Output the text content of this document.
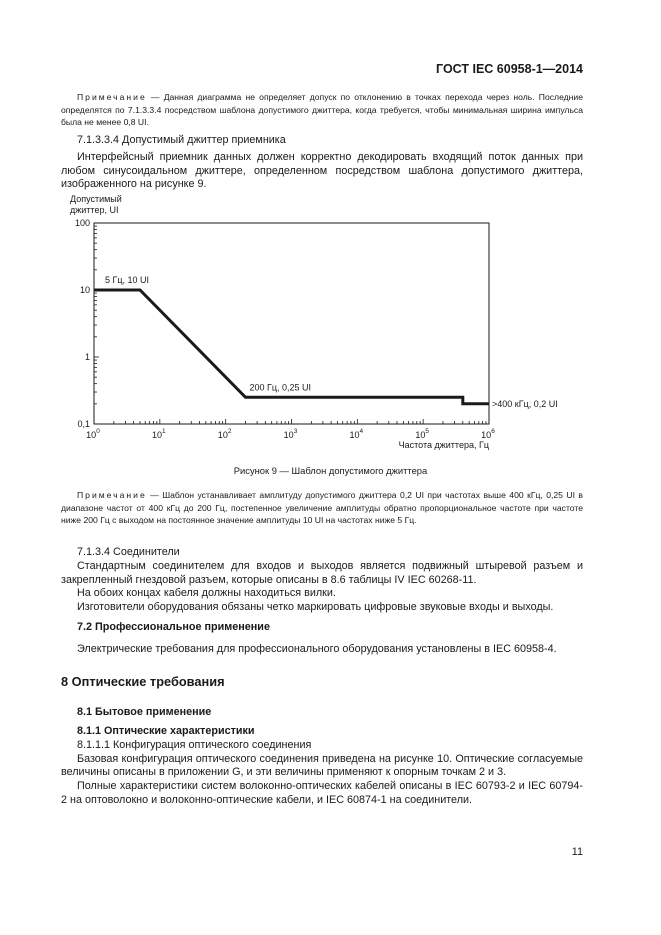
ГОСТ IEC 60958-1—2014
Примечание — Данная диаграмма не определяет допуск по отклонению в точках перехода через ноль. Последние определятся по 7.1.3.3.4 посредством шаблона допустимого джиттера, когда требуется, чтобы минимальная ширина импульса была не менее 0,8 UI.

7.1.3.3.4 Допустимый джиттер приемника

Интерфейсный приемник данных должен корректно декодировать входящий поток данных при любом синусоидальном джиттере, определенном посредством шаблона допустимого джиттера, изображенного на рисунке 9.

Допустимый
джиттер, UI
100
10
1
0,1
$10^0$	$10^1$	$10^2$	$10^3$	$10^4$	$10^5$	$10^6$
5 Гц, 10 UI
200 Гц, 0,25 UI
>400 кГц, 0,2 UI
Частота джиттера, Гц
Рисунок 9 — Шаблон допустимого джиттера
Примечание — Шаблон устанавливает амплитуду допустимого джиттера 0,2 UI при частотах выше 400 кГц, 0,25 UI в диапазоне частот от 400 кГц до 200 Гц, постепенное увеличение амплитуды обратно пропорциональное частоте при частоте ниже 200 Гц с выходом на постоянное значение амплитуды 10 UI на частотах ниже 5 Гц.

7.1.3.4 Соединители

Стандартным соединителем для входов и выходов является подвижный штыревой разъем и закрепленный гнездовой разъем, которые описаны в 8.6 таблицы IV IEC 60268-11.

На обоих концах кабеля должны находиться вилки.

Изготовители оборудования обязаны четко маркировать цифровые звуковые входы и выходы.

7.2 Профессиональное применение

Электрические требования для профессионального оборудования установлены в IEC 60958-4.

8 Оптические требования

8.1 Бытовое применение

8.1.1 Оптические характеристики

8.1.1.1 Конфигурация оптического соединения

Базовая конфигурация оптического соединения приведена на рисунке 10. Оптические согласуемые величины описаны в приложении G, и эти величины применяют к опорным точкам 2 и 3.

Полные характеристики систем волоконно-оптических кабелей описаны в IEC 60793-2 и IEC 60794-2 на оптоволокно и волоконно-оптические кабели, и IEC 60874-1 на соединители.

11
